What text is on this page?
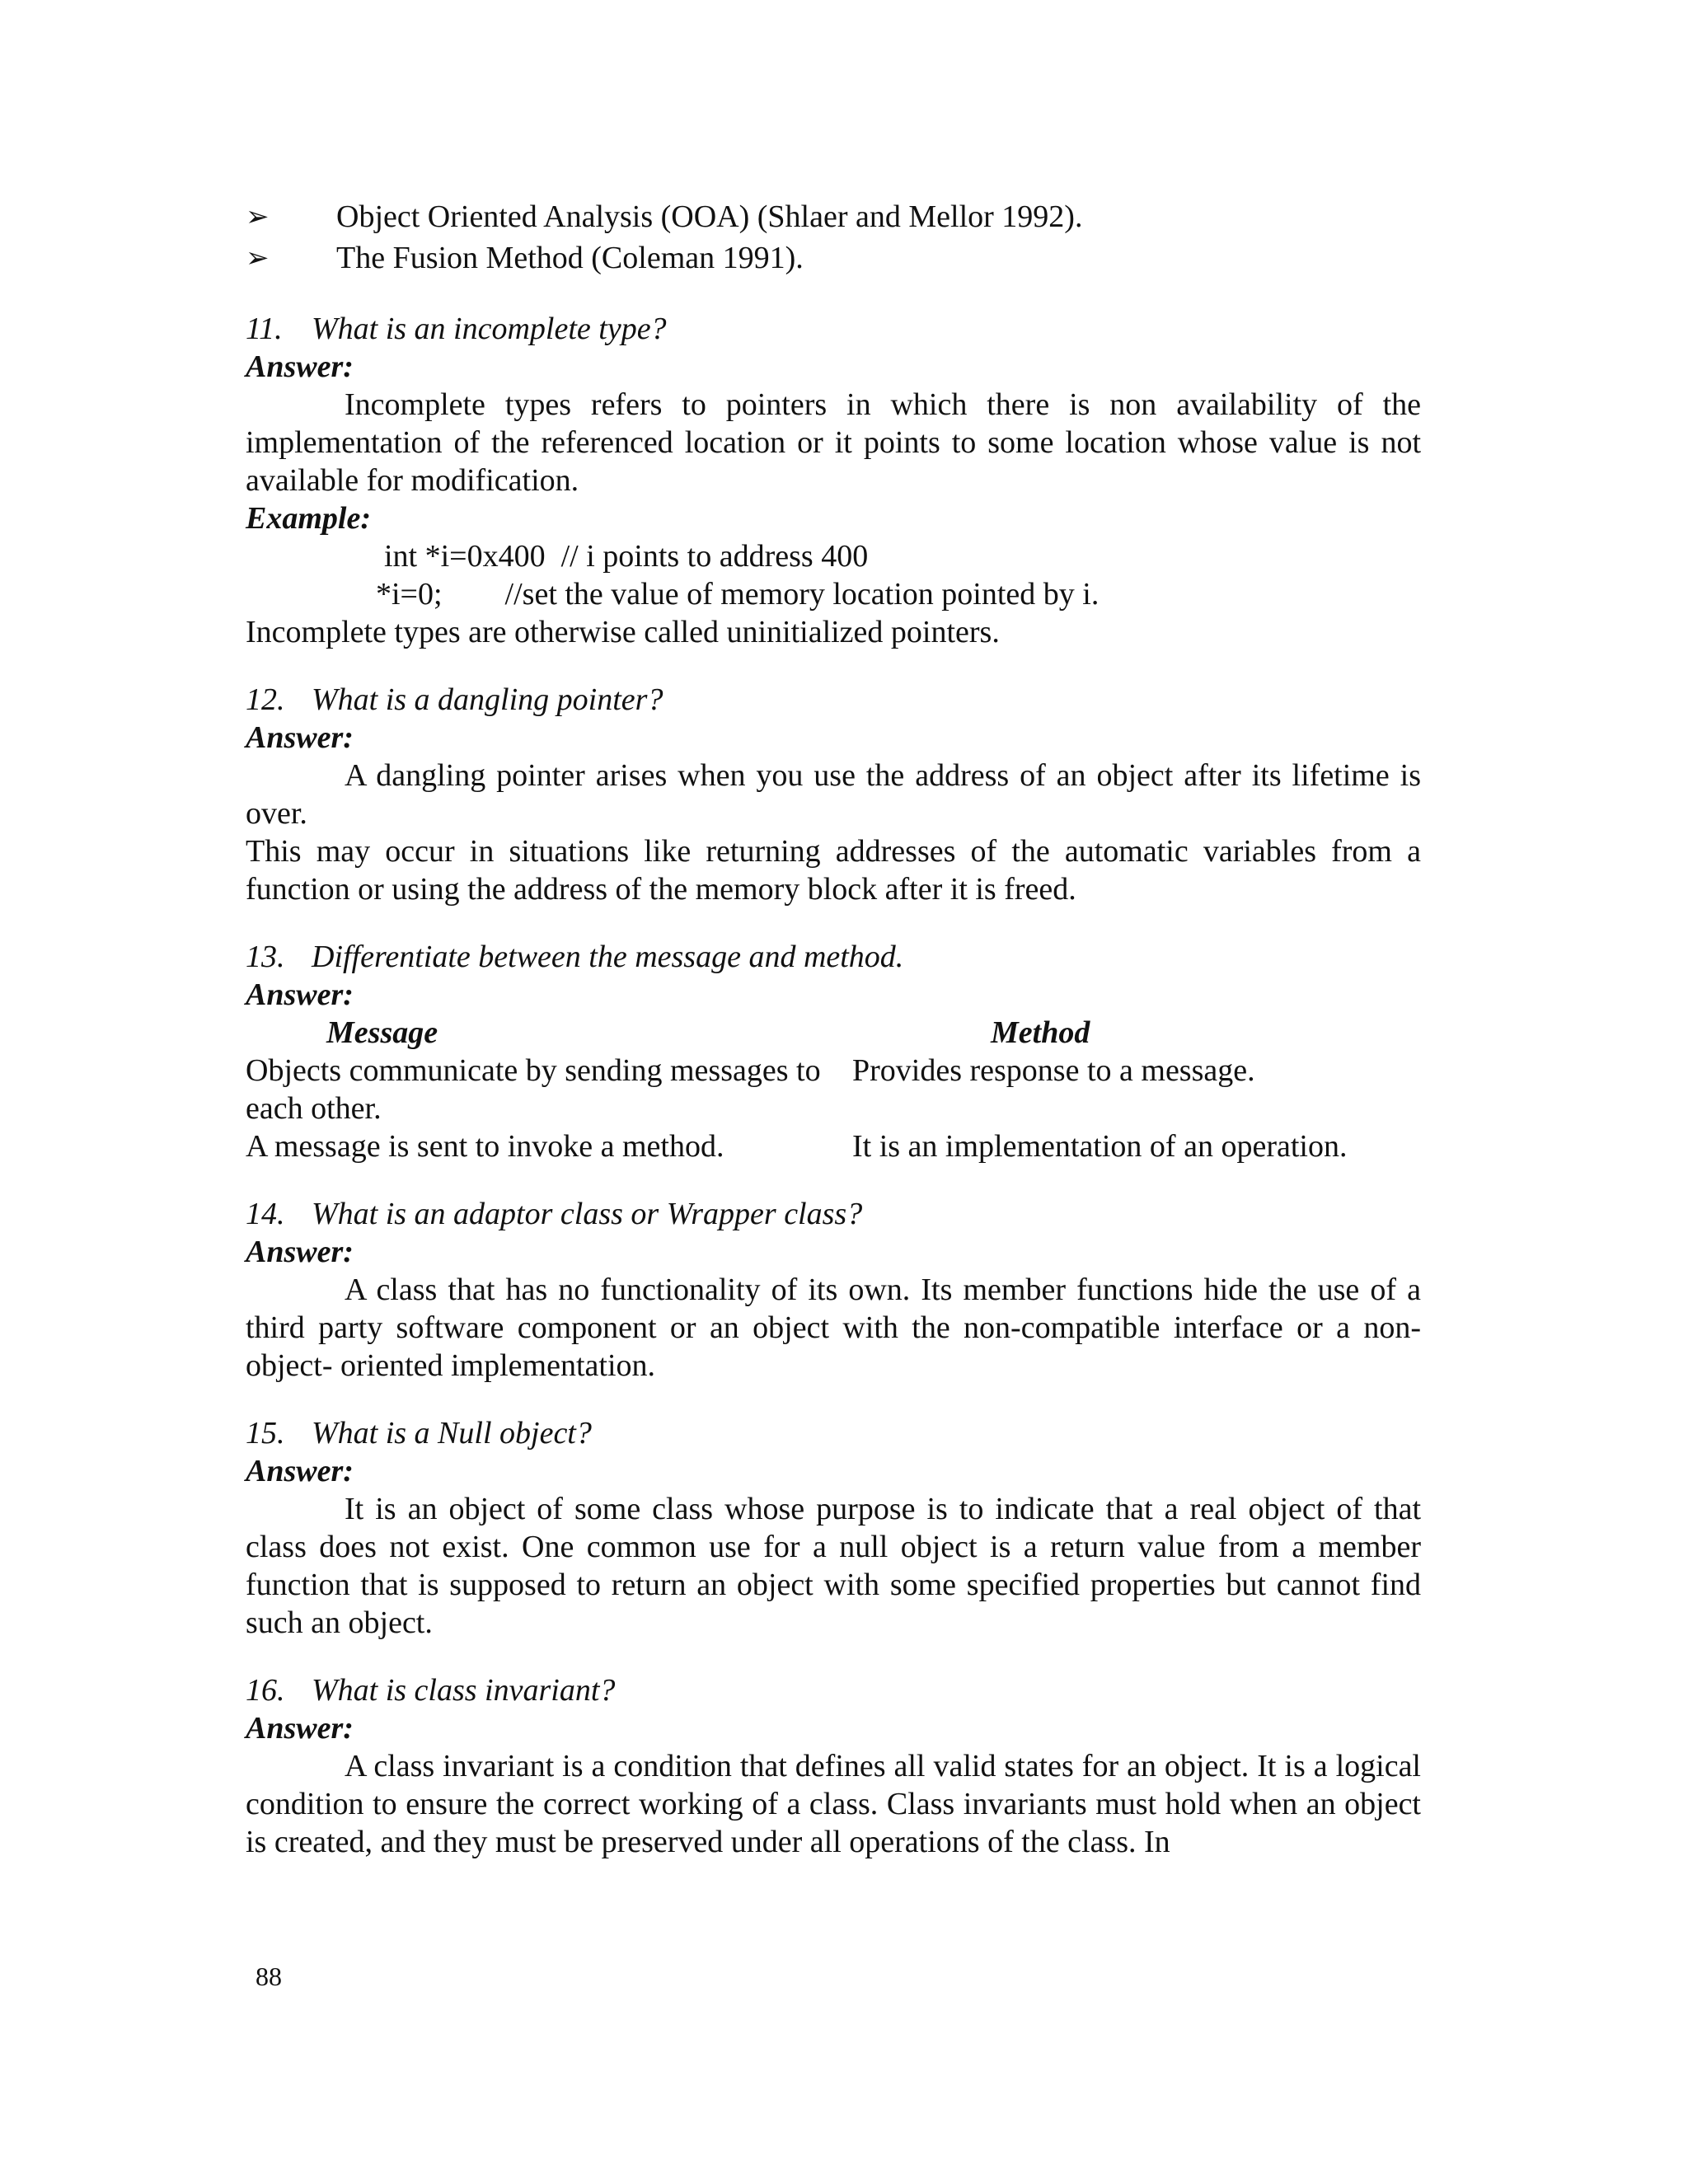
➢ Object Oriented Analysis (OOA) (Shlaer and Mellor 1992).
➢ The Fusion Method (Coleman 1991).
11. What is an incomplete type?
Answer:
Incomplete types refers to pointers in which there is non availability of the implementation of the referenced location or it points to some location whose value is not available for modification.
Example:
int *i=0x400  // i points to address 400
*i=0;        //set the value of memory location pointed by i.
Incomplete types are otherwise called uninitialized pointers.
12. What is a dangling pointer?
Answer:
A dangling pointer arises when you use the address of an object after its lifetime is over.
This may occur in situations like returning addresses of the automatic variables from a function or using the address of the memory block after it is freed.
13. Differentiate between the message and method.
Answer:
Message	Method
Objects communicate by sending messages to each other.	Provides response to a message.
A message is sent to invoke a method.	It is an implementation of an operation.
14. What is an adaptor class or Wrapper class?
Answer:
A class that has no functionality of its own. Its member functions hide the use of a third party software component or an object with the non-compatible interface or a non-object- oriented implementation.
15. What is a Null object?
Answer:
It is an object of some class whose purpose is to indicate that a real object of that class does not exist. One common use for a null object is a return value from a member function that is supposed to return an object with some specified properties but cannot find such an object.
16. What is class invariant?
Answer:
A class invariant is a condition that defines all valid states for an object. It is a logical condition to ensure the correct working of a class. Class invariants must hold when an object is created, and they must be preserved under all operations of the class. In
88
